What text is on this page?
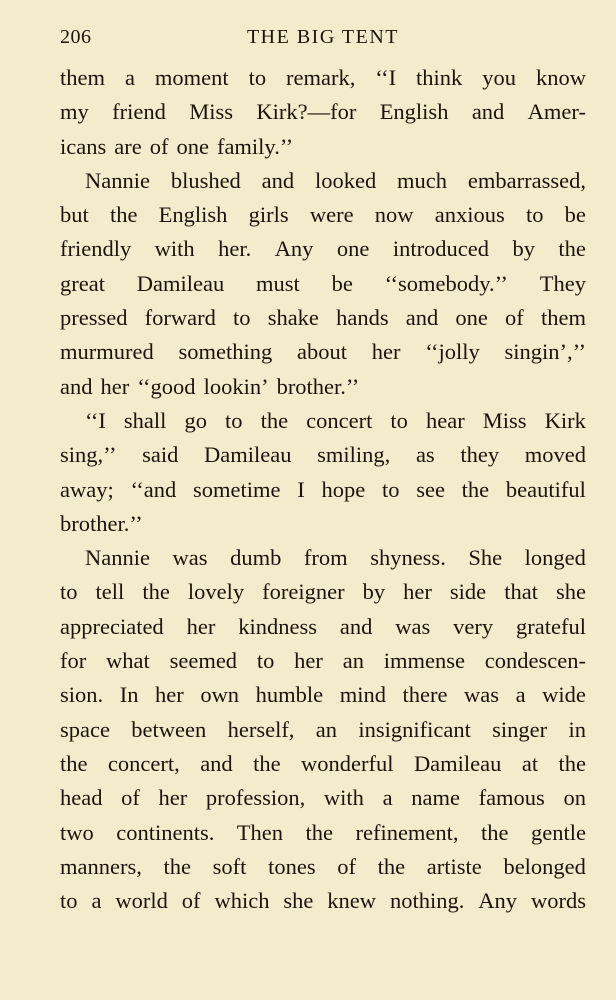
206	THE BIG TENT
them a moment to remark, ‘‘I think you know
my friend Miss Kirk?—for English and Amer-
icans are of one family.’’
Nannie blushed and looked much embarrassed,
but the English girls were now anxious to be
friendly with her. Any one introduced by the
great Damileau must be ‘‘somebody.’’ They
pressed forward to shake hands and one of them
murmured something about her ‘‘jolly singin’,’’
and her ‘‘good lookin’ brother.’’
‘‘I shall go to the concert to hear Miss Kirk
sing,’’ said Damileau smiling, as they moved
away; ‘‘and sometime I hope to see the beautiful
brother.’’
Nannie was dumb from shyness. She longed
to tell the lovely foreigner by her side that she
appreciated her kindness and was very grateful
for what seemed to her an immense condescen-
sion. In her own humble mind there was a wide
space between herself, an insignificant singer in
the concert, and the wonderful Damileau at the
head of her profession, with a name famous on
two continents. Then the refinement, the gentle
manners, the soft tones of the artiste belonged
to a world of which she knew nothing. Any words
